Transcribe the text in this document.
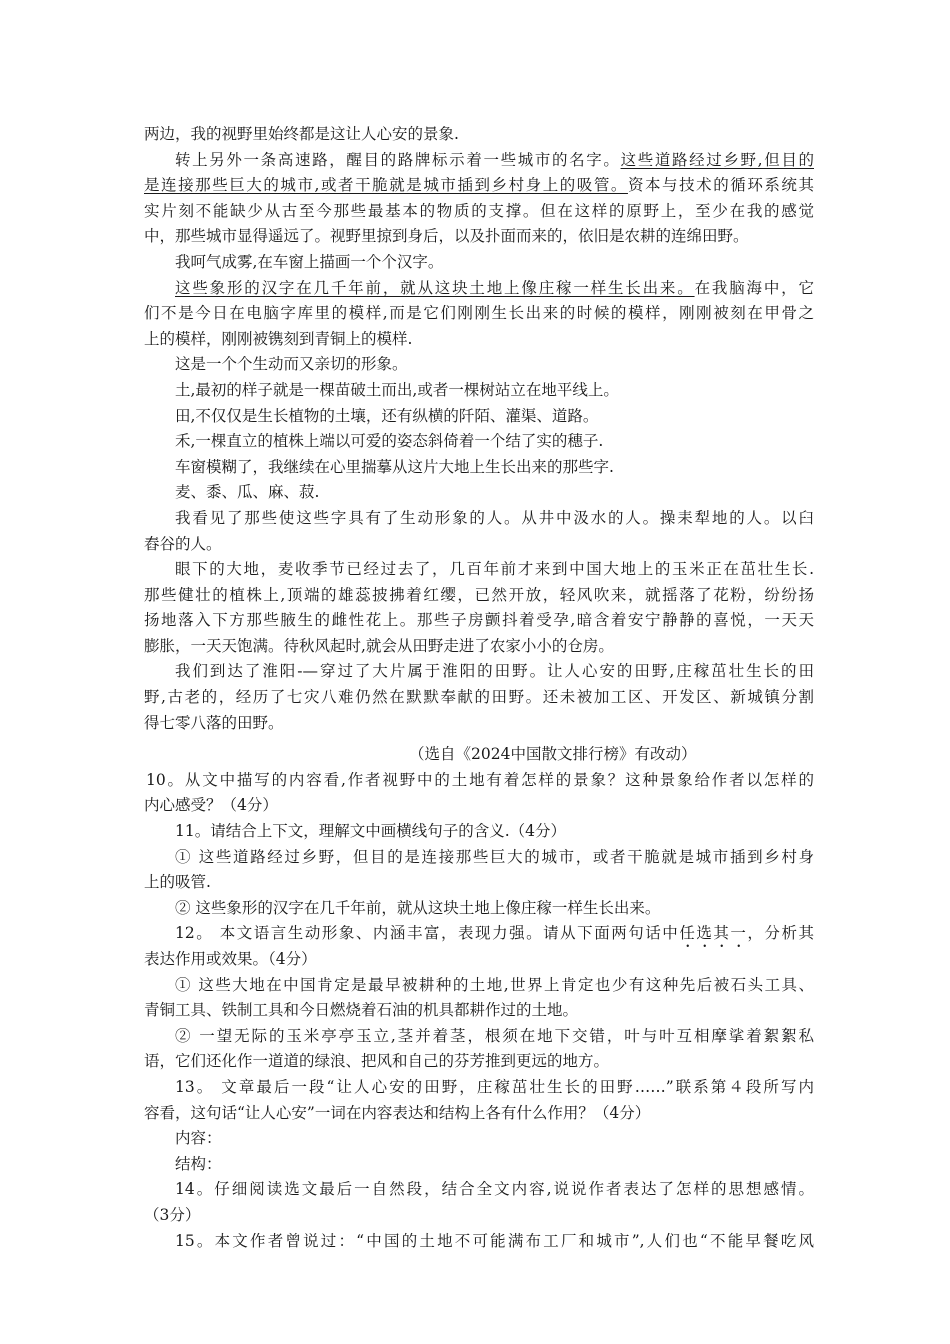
两边，我的视野里始终都是这让人心安的景象.
转上另外一条高速路，醒目的路牌标示着一些城市的名字。这些道路经过乡野,但目的
是连接那些巨大的城市,或者干脆就是城市插到乡村身上的吸管。资本与技术的循环系统其
实片刻不能缺少从古至今那些最基本的物质的支撑。但在这样的原野上，至少在我的感觉
中，那些城市显得遥远了。视野里掠到身后，以及扑面而来的，依旧是农耕的连绵田野。
我呵气成雾,在车窗上描画一个个汉字。
这些象形的汉字在几千年前，就从这块土地上像庄稼一样生长出来。在我脑海中，它
们不是今日在电脑字库里的模样,而是它们刚刚生长出来的时候的模样，刚刚被刻在甲骨之
上的模样，刚刚被镌刻到青铜上的模样.
这是一个个生动而又亲切的形象。
土,最初的样子就是一棵苗破土而出,或者一棵树站立在地平线上。
田,不仅仅是生长植物的土壤，还有纵横的阡陌、灌渠、道路。
禾,一棵直立的植株上端以可爱的姿态斜倚着一个结了实的穗子.
车窗模糊了，我继续在心里揣摹从这片大地上生长出来的那些字.
麦、黍、瓜、麻、菽.
我看见了那些使这些字具有了生动形象的人。从井中汲水的人。操耒犁地的人。以臼
舂谷的人。
眼下的大地，麦收季节已经过去了，几百年前才来到中国大地上的玉米正在茁壮生长.
那些健壮的植株上,顶端的雄蕊披拂着红缨，已然开放，轻风吹来，就摇落了花粉，纷纷扬
扬地落入下方那些腋生的雌性花上。那些子房颤抖着受孕,暗含着安宁静静的喜悦，一天天
膨胀，一天天饱满。待秋风起时,就会从田野走进了农家小小的仓房。
我们到达了淮阳-—穿过了大片属于淮阳的田野。让人心安的田野,庄稼茁壮生长的田
野,古老的，经历了七灾八难仍然在默默奉献的田野。还未被加工区、开发区、新城镇分割
得七零八落的田野。
（选自《2024中国散文排行榜》有改动）
10。从文中描写的内容看,作者视野中的土地有着怎样的景象？这种景象给作者以怎样的
内心感受？（4分）
11。请结合上下文，理解文中画横线句子的含义.（4分）
① 这些道路经过乡野，但目的是连接那些巨大的城市，或者干脆就是城市插到乡村身
上的吸管.
② 这些象形的汉字在几千年前，就从这块土地上像庄稼一样生长出来。
12。 本文语言生动形象、内涵丰富，表现力强。请从下面两句话中任选其一，分析其
表达作用或效果。（4分）
① 这些大地在中国肯定是最早被耕种的土地,世界上肯定也少有这种先后被石头工具、
青铜工具、铁制工具和今日燃烧着石油的机具都耕作过的土地。
② 一望无际的玉米亭亭玉立,茎并着茎，根须在地下交错，叶与叶互相摩挲着絮絮私
语，它们还化作一道道的绿浪、把风和自己的芬芳推到更远的地方。
13。 文章最后一段“让人心安的田野，庄稼茁壮生长的田野……”联系第４段所写内
容看，这句话“让人心安”一词在内容表达和结构上各有什么作用？（4分）
内容：
结构：
14。仔细阅读选文最后一自然段，结合全文内容,说说作者表达了怎样的思想感情。
（3分）
15。本文作者曾说过：“中国的土地不可能满布工厂和城市”,人们也“不能早餐吃风
